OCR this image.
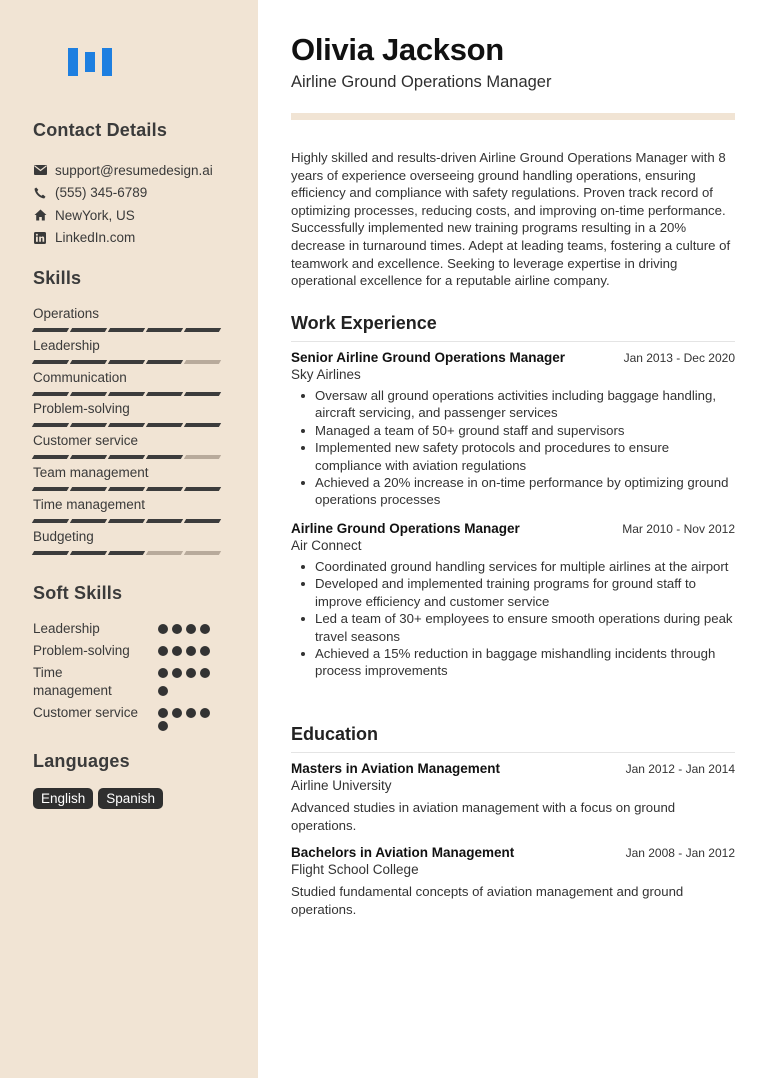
Contact Details
support@resumedesign.ai
(555) 345-6789
NewYork, US
LinkedIn.com
Skills
Operations
Leadership
Communication
Problem-solving
Customer service
Team management
Time management
Budgeting
Soft Skills
Leadership
Problem-solving
Time management
Customer service
Languages
English	Spanish
Olivia Jackson
Airline Ground Operations Manager
Highly skilled and results-driven Airline Ground Operations Manager with 8 years of experience overseeing ground handling operations, ensuring efficiency and compliance with safety regulations. Proven track record of optimizing processes, reducing costs, and improving on-time performance. Successfully implemented new training programs resulting in a 20% decrease in turnaround times. Adept at leading teams, fostering a culture of teamwork and excellence. Seeking to leverage expertise in driving operational excellence for a reputable airline company.
Work Experience
Senior Airline Ground Operations Manager	Jan 2013 - Dec 2020
Sky Airlines
Oversaw all ground operations activities including baggage handling, aircraft servicing, and passenger services
Managed a team of 50+ ground staff and supervisors
Implemented new safety protocols and procedures to ensure compliance with aviation regulations
Achieved a 20% increase in on-time performance by optimizing ground operations processes
Airline Ground Operations Manager	Mar 2010 - Nov 2012
Air Connect
Coordinated ground handling services for multiple airlines at the airport
Developed and implemented training programs for ground staff to improve efficiency and customer service
Led a team of 30+ employees to ensure smooth operations during peak travel seasons
Achieved a 15% reduction in baggage mishandling incidents through process improvements
Education
Masters in Aviation Management	Jan 2012 - Jan 2014
Airline University
Advanced studies in aviation management with a focus on ground operations.
Bachelors in Aviation Management	Jan 2008 - Jan 2012
Flight School College
Studied fundamental concepts of aviation management and ground operations.
